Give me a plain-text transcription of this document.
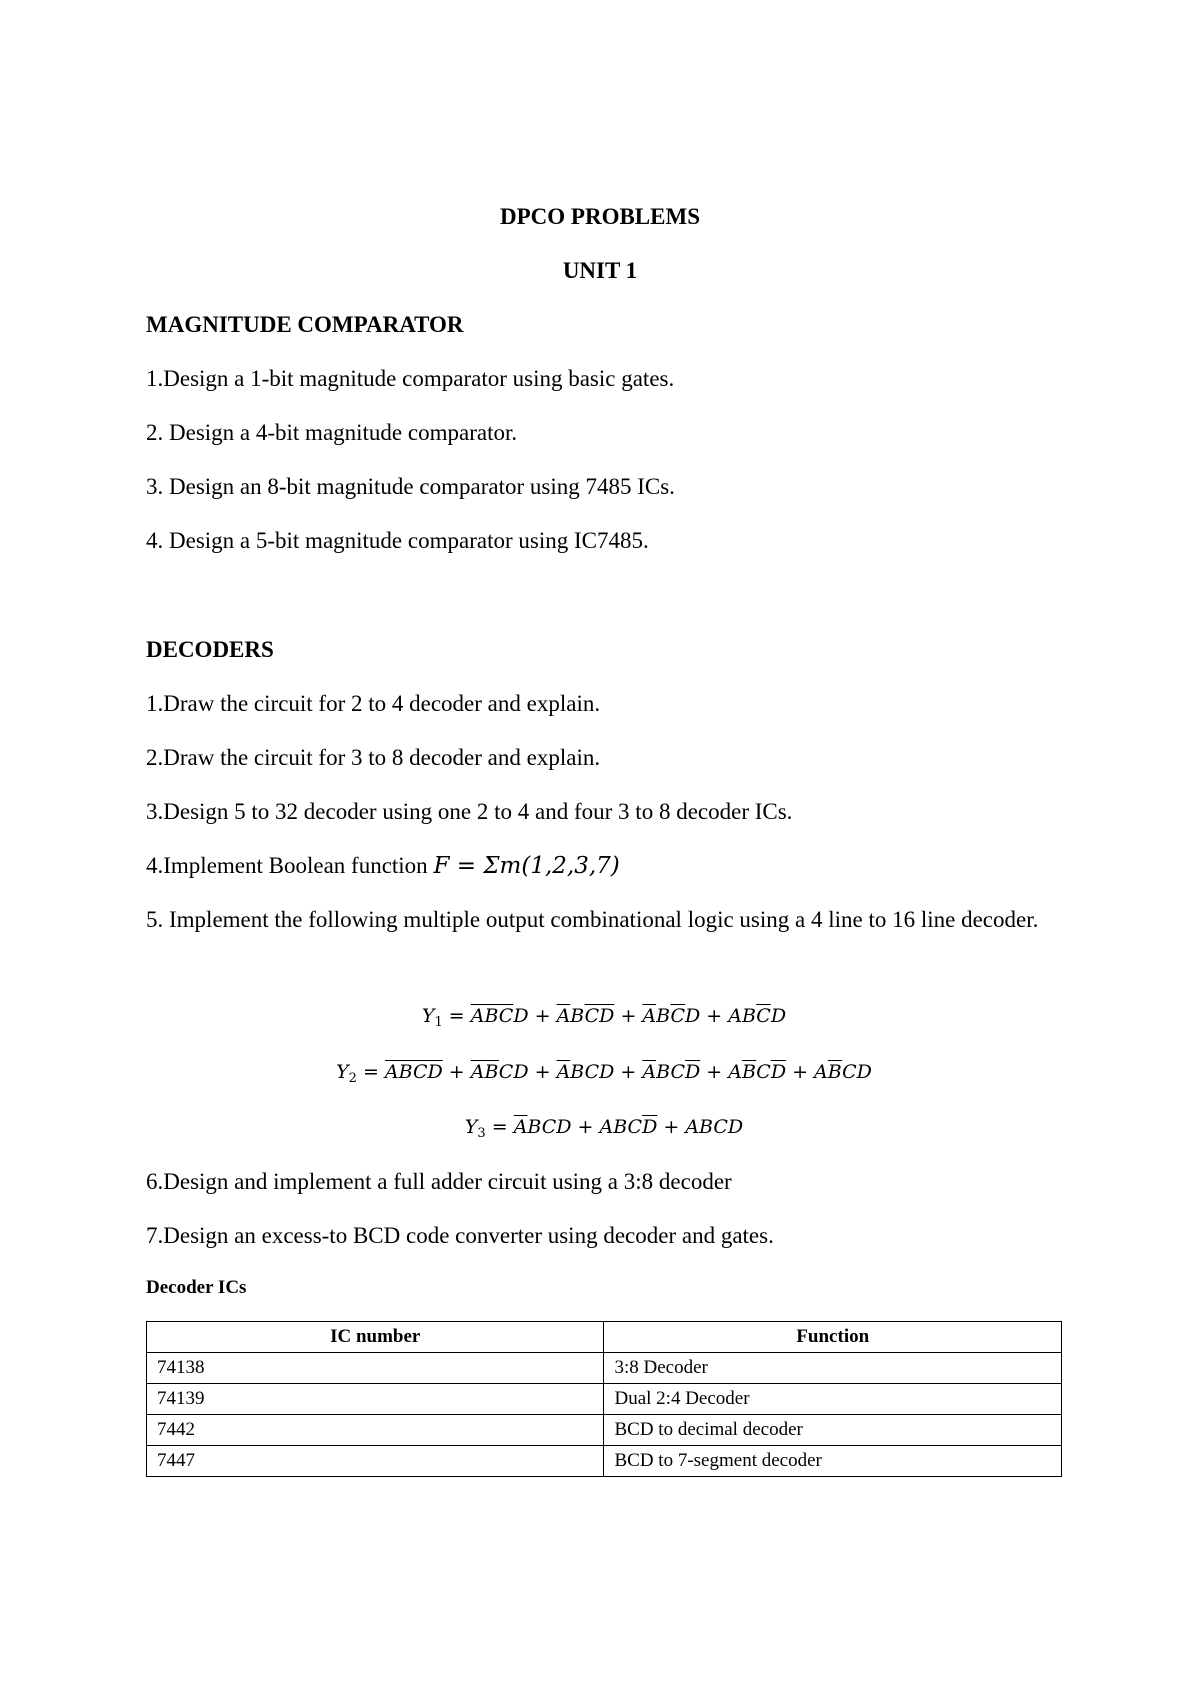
DPCO PROBLEMS
UNIT 1
MAGNITUDE COMPARATOR
1.Design a 1-bit magnitude comparator using basic gates.
2. Design a 4-bit magnitude comparator.
3. Design an 8-bit magnitude comparator using 7485 ICs.
4. Design a 5-bit magnitude comparator using IC7485.
DECODERS
1.Draw the circuit for 2 to 4 decoder and explain.
2.Draw the circuit for 3 to 8 decoder and explain.
3.Design 5 to 32 decoder using one 2 to 4 and four 3 to 8 decoder ICs.
4.Implement Boolean function F = Σm(1,2,3,7)
5. Implement the following multiple output combinational logic using a 4 line to 16 line decoder.
$Y_1 = \overline{ABC}D + \overline{A}B\overline{CD} + \overline{A}B\overline{C}D + AB\overline{C}D$
$Y_2$ = ABCD + ABCD + $\overline{A}BCD + \overline{A}BC\overline{D} + A\overline{B}C\overline{D} + A\overline{B}CD$
$Y_3 = \overline{A}BCD + ABC\overline{D}$ + ABCD
6.Design and implement a full adder circuit using a 3:8 decoder
7.Design an excess-to BCD code converter using decoder and gates.
Decoder ICs
IC number	Function
74138	3:8 Decoder
74139	Dual 2:4 Decoder
7442	BCD to decimal decoder
7447	BCD to 7-segment decoder
